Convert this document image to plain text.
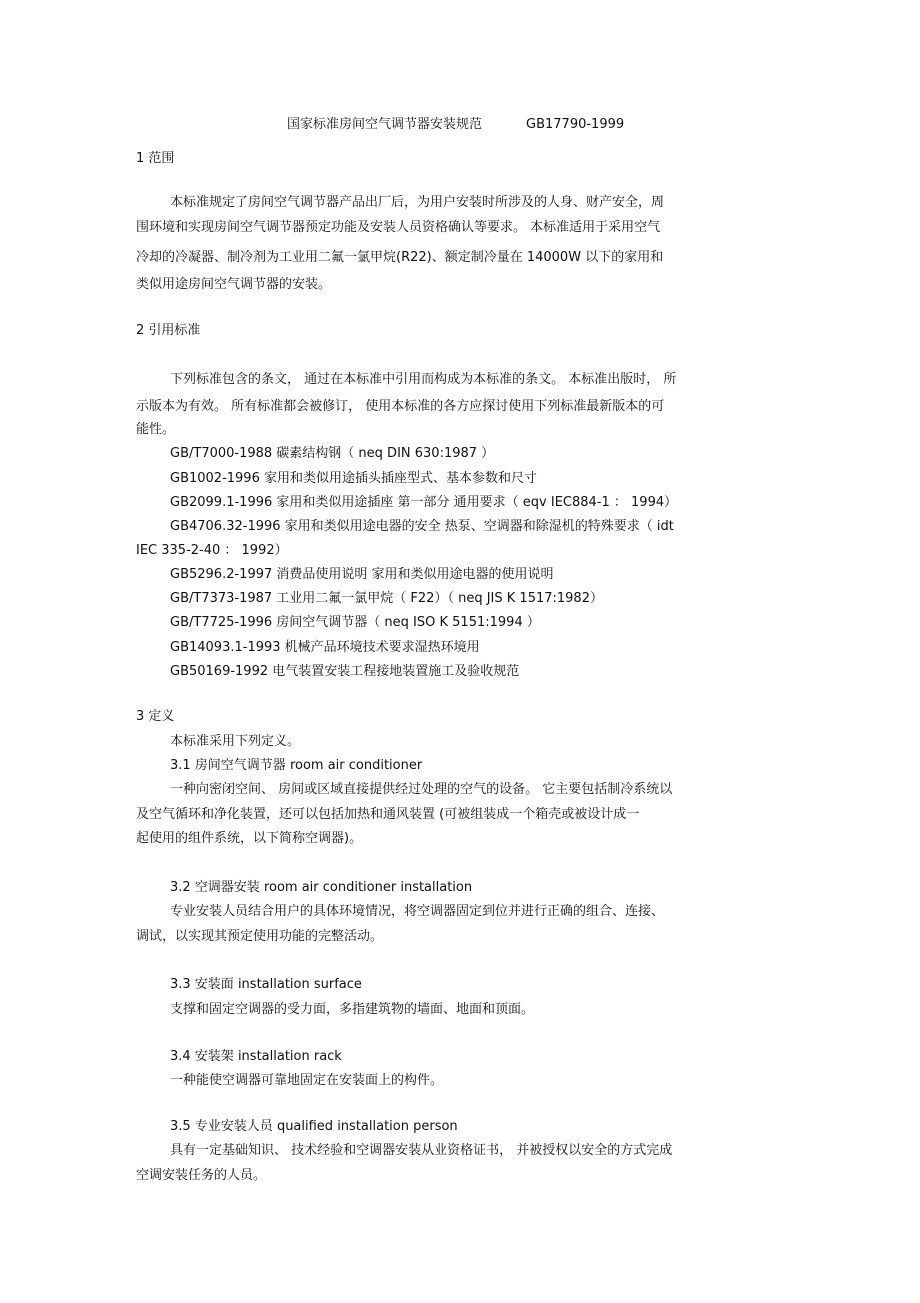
国家标准房间空气调节器安装规范	GB17790-1999
1 范围
本标准规定了房间空气调节器产品出厂后，为用户安装时所涉及的人身、财产安全，周
围环境和实现房间空气调节器预定功能及安装人员资格确认等要求。 本标准适用于采用空气
冷却的冷凝器、制冷剂为工业用二氟一氯甲烷(R22)、额定制冷量在 14000W 以下的家用和
类似用途房间空气调节器的安装。
2 引用标准
下列标准包含的条文， 通过在本标准中引用而构成为本标准的条文。 本标准出版时， 所
示版本为有效。 所有标准都会被修订， 使用本标准的各方应探讨使用下列标准最新版本的可
能性。
GB/T7000-1988 碳素结构钢（ neq DIN 630:1987 ）
GB1002-1996 家用和类似用途插头插座型式、基本参数和尺寸
GB2099.1-1996 家用和类似用途插座 第一部分 通用要求（ eqv IEC884-1 ： 1994）
GB4706.32-1996 家用和类似用途电器的安全 热泵、空调器和除湿机的特殊要求（ idt
IEC 335-2-40 ： 1992）
GB5296.2-1997 消费品使用说明 家用和类似用途电器的使用说明
GB/T7373-1987 工业用二氟一氯甲烷（ F22）（ neq JIS K 1517:1982）
GB/T7725-1996 房间空气调节器（ neq ISO K 5151:1994 ）
GB14093.1-1993 机械产品环境技术要求湿热环境用
GB50169-1992 电气装置安装工程接地装置施工及验收规范
3 定义
本标准采用下列定义。
3.1 房间空气调节器 room air conditioner
一种向密闭空间、 房间或区域直接提供经过处理的空气的设备。 它主要包括制冷系统以
及空气循环和净化装置，还可以包括加热和通风装置 (可被组装成一个箱壳或被设计成一
起使用的组件系统，以下简称空调器)。
3.2 空调器安装 room air conditioner installation
专业安装人员结合用户的具体环境情况，将空调器固定到位并进行正确的组合、连接、
调试，以实现其预定使用功能的完整活动。
3.3 安装面 installation surface
支撑和固定空调器的受力面，多指建筑物的墙面、地面和顶面。
3.4 安装架 installation rack
一种能使空调器可靠地固定在安装面上的构件。
3.5 专业安装人员 qualified installation person
具有一定基础知识、 技术经验和空调器安装从业资格证书， 并被授权以安全的方式完成
空调安装任务的人员。
